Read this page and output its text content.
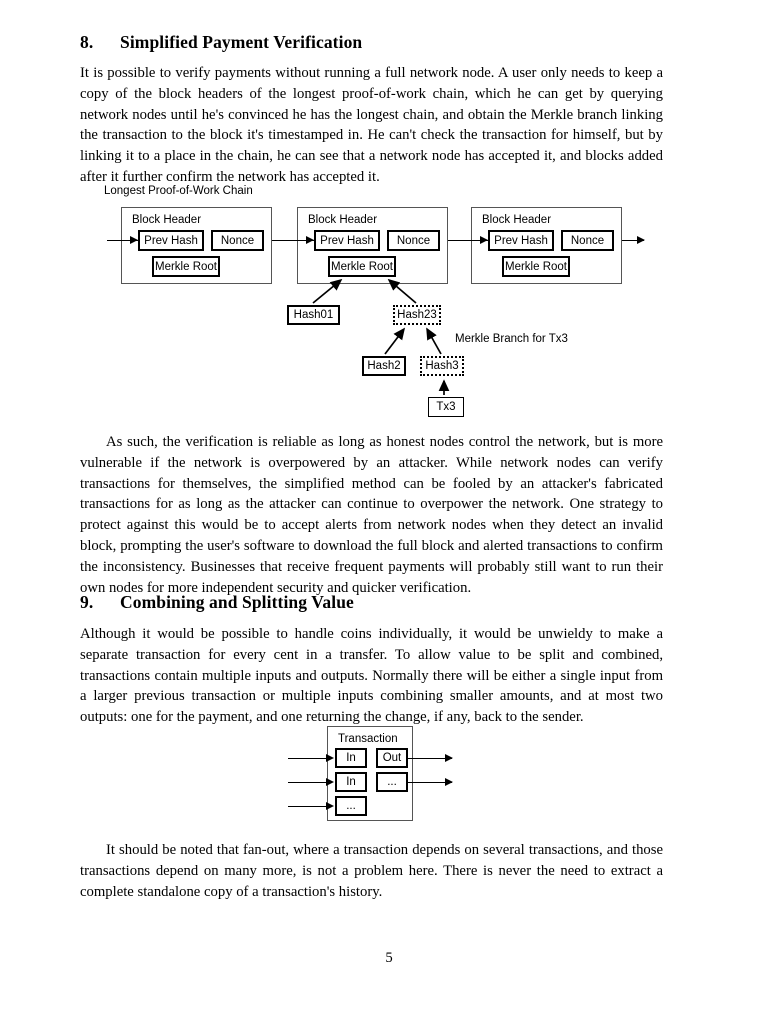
8. Simplified Payment Verification
It is possible to verify payments without running a full network node. A user only needs to keep a copy of the block headers of the longest proof-of-work chain, which he can get by querying network nodes until he's convinced he has the longest chain, and obtain the Merkle branch linking the transaction to the block it's timestamped in. He can't check the transaction for himself, but by linking it to a place in the chain, he can see that a network node has accepted it, and blocks added after it further confirm the network has accepted it.
Longest Proof-of-Work Chain
Block Header
Prev Hash	Nonce
Merkle Root
Block Header
Prev Hash	Nonce
Merkle Root
Block Header
Prev Hash	Nonce
Merkle Root
Hash01	Hash23
Hash2	Hash3
Tx3
Merkle Branch for Tx3
As such, the verification is reliable as long as honest nodes control the network, but is more vulnerable if the network is overpowered by an attacker. While network nodes can verify transactions for themselves, the simplified method can be fooled by an attacker's fabricated transactions for as long as the attacker can continue to overpower the network. One strategy to protect against this would be to accept alerts from network nodes when they detect an invalid block, prompting the user's software to download the full block and alerted transactions to confirm the inconsistency. Businesses that receive frequent payments will probably still want to run their own nodes for more independent security and quicker verification.
9. Combining and Splitting Value
Although it would be possible to handle coins individually, it would be unwieldy to make a separate transaction for every cent in a transfer. To allow value to be split and combined, transactions contain multiple inputs and outputs. Normally there will be either a single input from a larger previous transaction or multiple inputs combining smaller amounts, and at most two outputs: one for the payment, and one returning the change, if any, back to the sender.
Transaction
In
In
...
Out
...
It should be noted that fan-out, where a transaction depends on several transactions, and those transactions depend on many more, is not a problem here. There is never the need to extract a complete standalone copy of a transaction's history.
5
